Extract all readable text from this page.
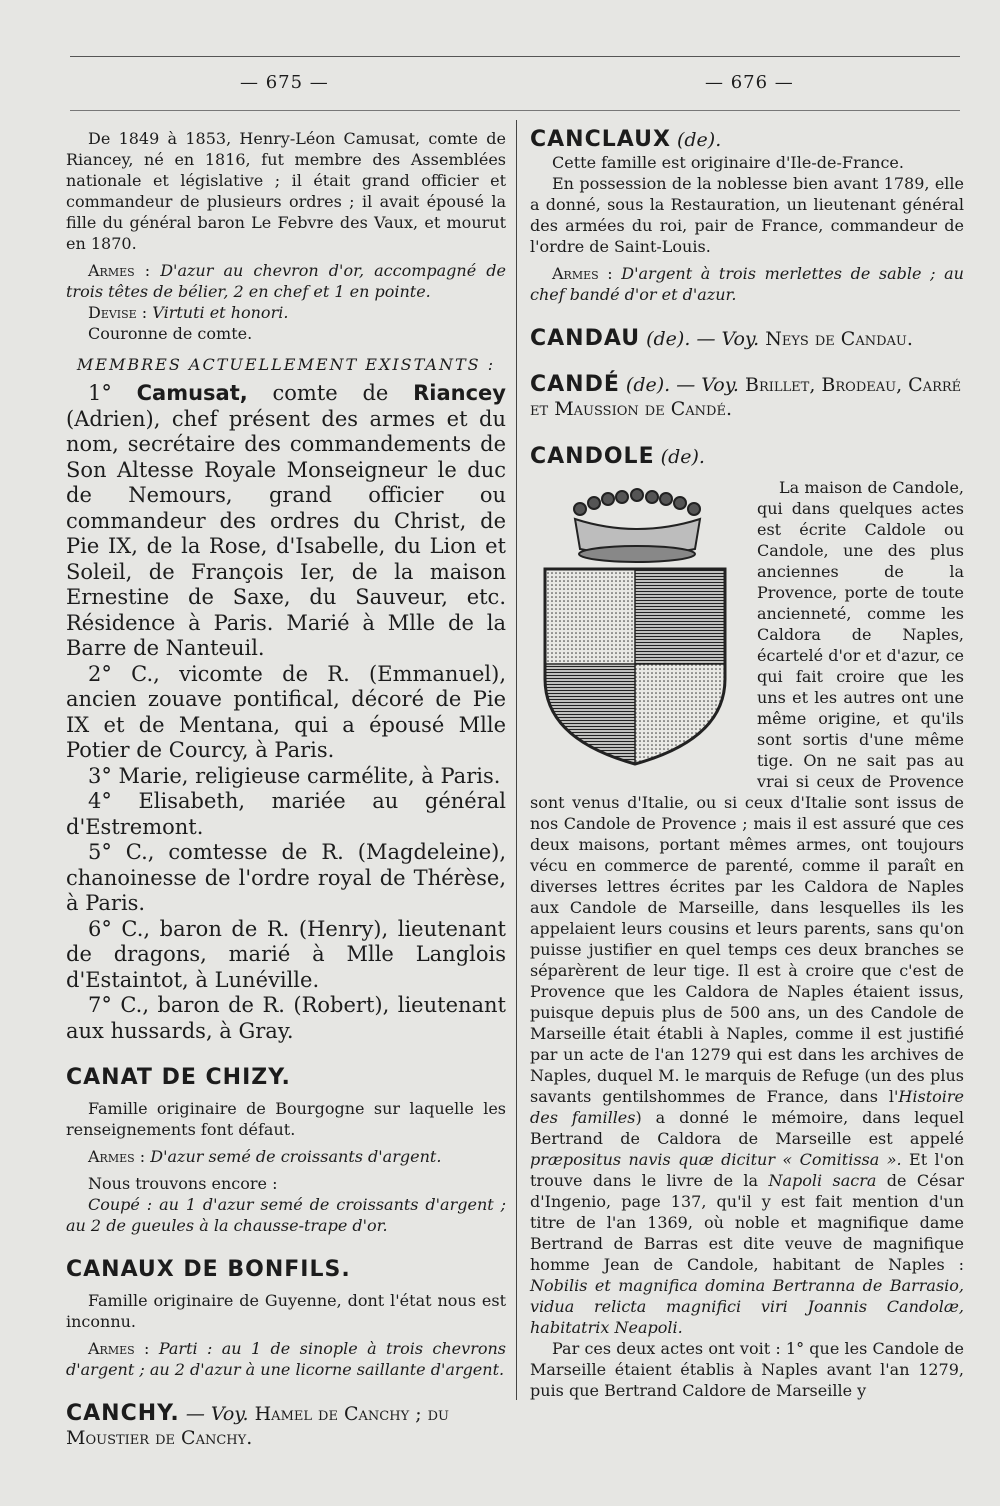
— 675 —	— 676 —

De 1849 à 1853, Henry-Léon Camusat, comte de Riancey, né en 1816, fut membre des Assemblées nationale et législative ; il était grand officier et commandeur de plusieurs ordres ; il avait épousé la fille du général baron Le Febvre des Vaux, et mourut en 1870.

Armes : D'azur au chevron d'or, accompagné de trois têtes de bélier, 2 en chef et 1 en pointe.

Devise : Virtuti et honori.

Couronne de comte.

MEMBRES ACTUELLEMENT EXISTANTS :

1° Camusat, comte de Riancey (Adrien), chef présent des armes et du nom, secrétaire des commandements de Son Altesse Royale Monseigneur le duc de Nemours, grand officier ou commandeur des ordres du Christ, de Pie IX, de la Rose, d'Isabelle, du Lion et Soleil, de François Ier, de la maison Ernestine de Saxe, du Sauveur, etc. Résidence à Paris. Marié à Mlle de la Barre de Nanteuil.

2° C., vicomte de R. (Emmanuel), ancien zouave pontifical, décoré de Pie IX et de Mentana, qui a épousé Mlle Potier de Courcy, à Paris.

3° Marie, religieuse carmélite, à Paris.

4° Elisabeth, mariée au général d'Estremont.

5° C., comtesse de R. (Magdeleine), chanoinesse de l'ordre royal de Thérèse, à Paris.

6° C., baron de R. (Henry), lieutenant de dragons, marié à Mlle Langlois d'Estaintot, à Lunéville.

7° C., baron de R. (Robert), lieutenant aux hussards, à Gray.

CANAT DE CHIZY.

Famille originaire de Bourgogne sur laquelle les renseignements font défaut.

Armes : D'azur semé de croissants d'argent.

Nous trouvons encore :

Coupé : au 1 d'azur semé de croissants d'argent ; au 2 de gueules à la chausse-trape d'or.

CANAUX DE BONFILS.

Famille originaire de Guyenne, dont l'état nous est inconnu.

Armes : Parti : au 1 de sinople à trois chevrons d'argent ; au 2 d'azur à une licorne saillante d'argent.

CANCHY. — Voy. Hamel de Canchy ; du Moustier de Canchy.
CANCLAUX (de).

Cette famille est originaire d'Ile-de-France.

En possession de la noblesse bien avant 1789, elle a donné, sous la Restauration, un lieutenant général des armées du roi, pair de France, commandeur de l'ordre de Saint-Louis.

Armes : D'argent à trois merlettes de sable ; au chef bandé d'or et d'azur.

CANDAU (de). — Voy. Neys de Candau.
CANDÉ (de). — Voy. Brillet, Brodeau, Carré et Maussion de Candé.
CANDOLE (de).

La maison de Candole, qui dans quelques actes est écrite Caldole ou Candole, une des plus anciennes de la Provence, porte de toute ancienneté, comme les Caldora de Naples, écartelé d'or et d'azur, ce qui fait croire que les uns et les autres ont une même origine, et qu'ils sont sortis d'une même tige. On ne sait pas au vrai si ceux de Provence sont venus d'Italie, ou si ceux d'Italie sont issus de nos Candole de Provence ; mais il est assuré que ces deux maisons, portant mêmes armes, ont toujours vécu en commerce de parenté, comme il paraît en diverses lettres écrites par les Caldora de Naples aux Candole de Marseille, dans lesquelles ils les appelaient leurs cousins et leurs parents, sans qu'on puisse justifier en quel temps ces deux branches se séparèrent de leur tige. Il est à croire que c'est de Provence que les Caldora de Naples étaient issus, puisque depuis plus de 500 ans, un des Candole de Marseille était établi à Naples, comme il est justifié par un acte de l'an 1279 qui est dans les archives de Naples, duquel M. le marquis de Refuge (un des plus savants gentilshommes de France, dans l'Histoire des familles) a donné le mémoire, dans lequel Bertrand de Caldora de Marseille est appelé præpositus navis quæ dicitur « Comitissa ». Et l'on trouve dans le livre de la Napoli sacra de César d'Ingenio, page 137, qu'il y est fait mention d'un titre de l'an 1369, où noble et magnifique dame Bertrand de Barras est dite veuve de magnifique homme Jean de Candole, habitant de Naples : Nobilis et magnifica domina Bertranna de Barrasio, vidua relicta magnifici viri Joannis Candolæ, habitatrix Neapoli.

Par ces deux actes ont voit : 1° que les Candole de Marseille étaient établis à Naples avant l'an 1279, puis que Bertrand Caldore de Marseille y
